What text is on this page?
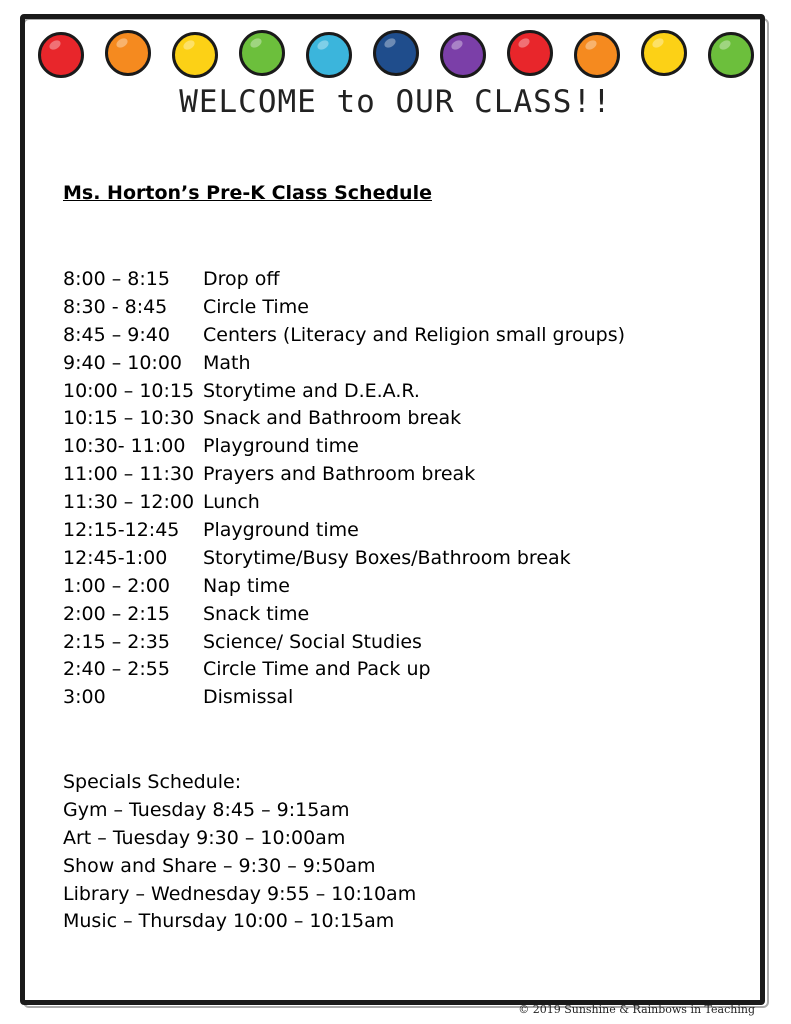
WELCOME to OUR CLASS!!
Ms. Horton’s Pre-K Class Schedule
8:00 – 8:15 Drop off
8:30 - 8:45 Circle Time
8:45 – 9:40 Centers (Literacy and Religion small groups)
9:40 – 10:00 Math
10:00 – 10:15 Storytime and D.E.A.R.
10:15 – 10:30 Snack and Bathroom break
10:30- 11:00 Playground time
11:00 – 11:30 Prayers and Bathroom break
11:30 – 12:00 Lunch
12:15-12:45 Playground time
12:45-1:00 Storytime/Busy Boxes/Bathroom break
1:00 – 2:00 Nap time
2:00 – 2:15 Snack time
2:15 – 2:35 Science/ Social Studies
2:40 – 2:55 Circle Time and Pack up
3:00	Dismissal
Specials Schedule:
Gym – Tuesday 8:45 – 9:15am
Art – Tuesday 9:30 – 10:00am
Show and Share – 9:30 – 9:50am
Library – Wednesday 9:55 – 10:10am
Music – Thursday 10:00 – 10:15am
© 2019 Sunshine & Rainbows in Teaching
